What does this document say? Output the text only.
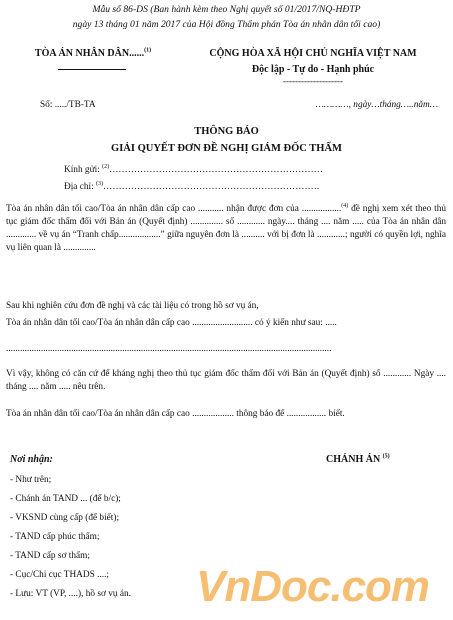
Mẫu số 86-DS (Ban hành kèm theo Nghị quyết số 01/2017/NQ-HĐTP
ngày 13 tháng 01 năm 2017 của Hội đồng Thẩm phán Tòa án nhân dân tối cao)
TÒA ÁN NHÂN DÂN......$^{(1)}$	CỘNG HÒA XÃ HỘI CHỦ NGHĨA VIỆT NAM
Độc lập - Tự do - Hạnh phúc
--------------------
Số: ...../TB-TA	…………, ngày…tháng…..năm…
THÔNG BÁO
GIẢI QUYẾT ĐƠN ĐỀ NGHỊ GIÁM ĐỐC THẨM
Kính gửi: $^{(2)}$……………………………………………………………
Địa chỉ: $^{(3)}$…………………………………………………………….
Tòa án nhân dân tối cao/Tòa án nhân dân cấp cao ........... nhận được đơn của .................$^{(4)}$ đề nghị xem xét theo thủ tục giám đốc thẩm đối với Bản án (Quyết định) .............. số ............ ngày.... tháng .... năm ..... của Tòa án nhân dân ............. về vụ án “Tranh chấp..................” giữa nguyên đơn là .......... với bị đơn là ............; người có quyền lợi, nghĩa vụ liên quan là ..............
Sau khi nghiên cứu đơn đề nghị và các tài liệu có trong hồ sơ vụ án,
Tòa án nhân dân tối cao/Tòa án nhân dân cấp cao .......................... có ý kiến như sau: .....
............................................................................................................................................
Vì vậy, không có căn cứ để kháng nghị theo thủ tục giám đốc thẩm đối với Bản án (Quyết định) số ............ Ngày .... tháng .... năm ..... nêu trên.
Tòa án nhân dân tối cao/Tòa án nhân dân cấp cao .................. thông báo để ................. biết.
Nơi nhận:
- Như trên;
- Chánh án TAND ... (để b/c);
- VKSND cùng cấp (để biết);
- TAND cấp phúc thẩm;
- TAND cấp sơ thẩm;
- Cục/Chi cục THADS ....;
- Lưu: VT (VP, ....), hồ sơ vụ án.
CHÁNH ÁN $^{(5)}$
VnDoc.com
